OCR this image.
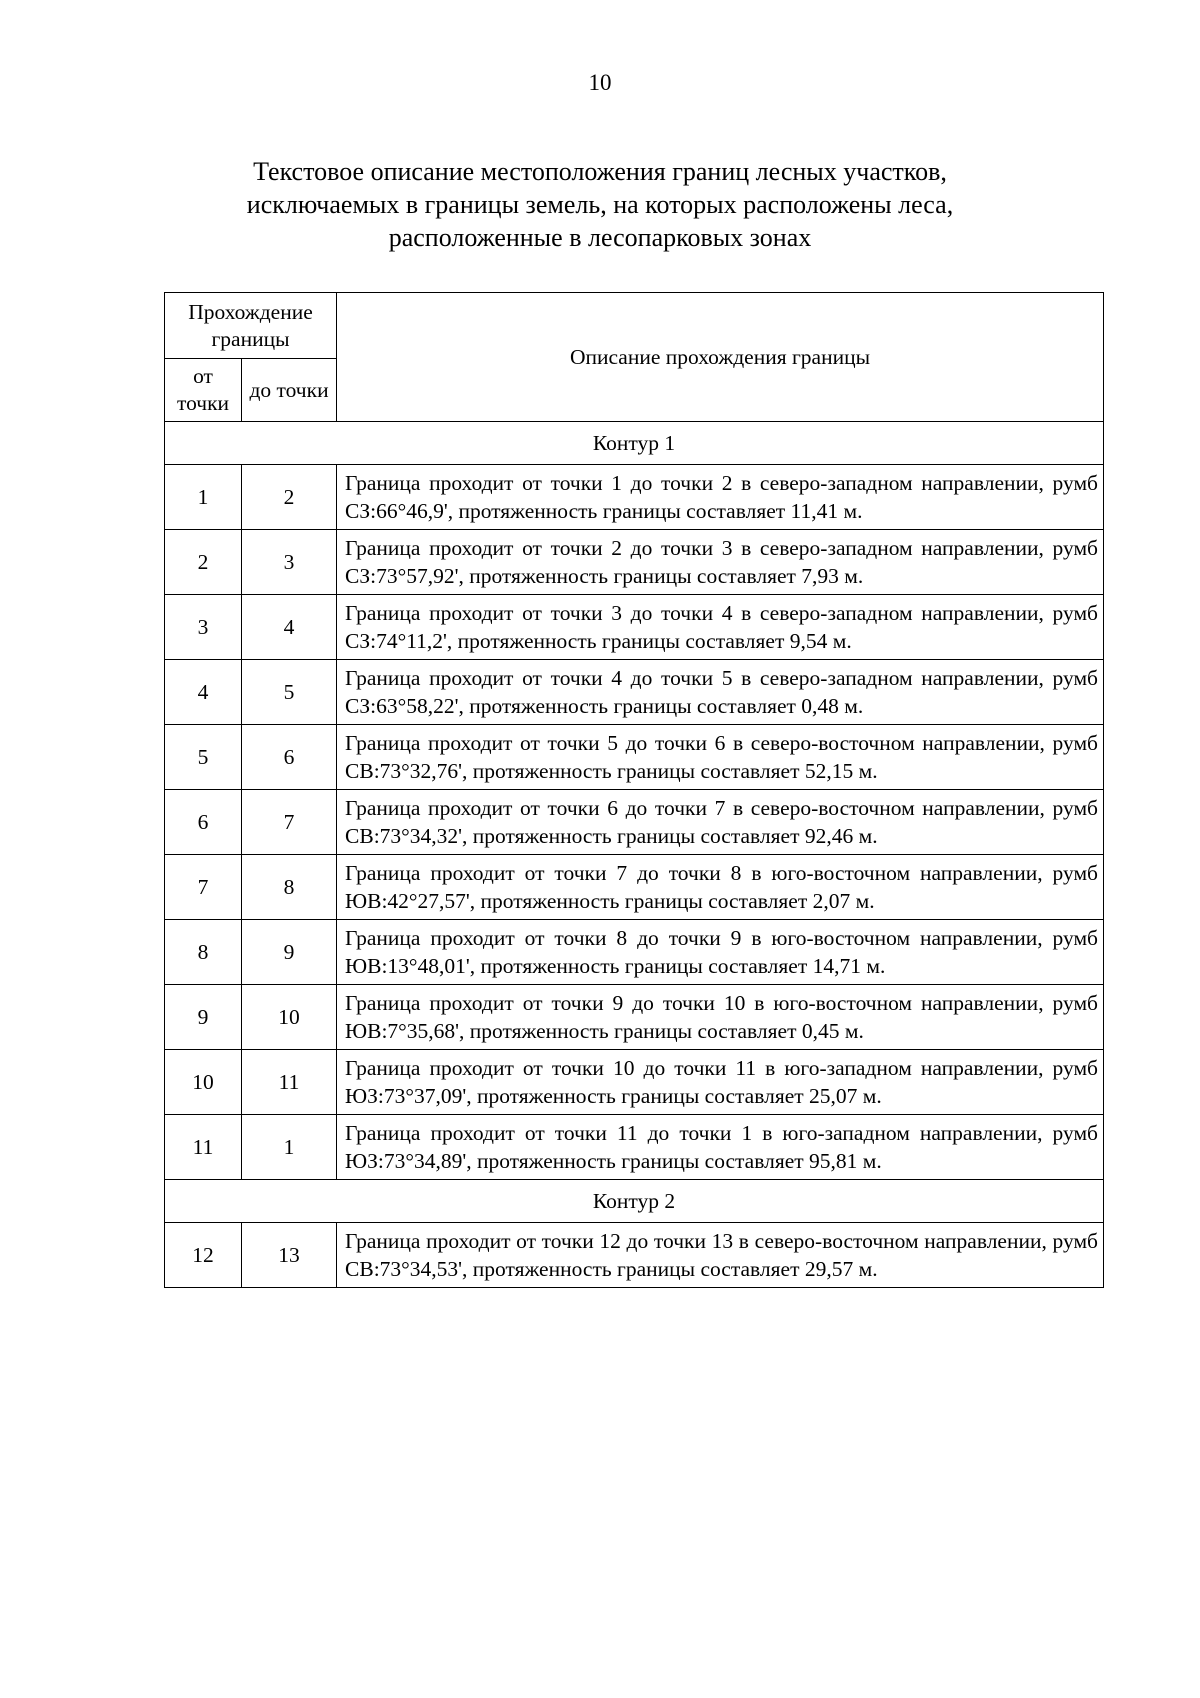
10
Текстовое описание местоположения границ лесных участков,
исключаемых в границы земель, на которых расположены леса,
расположенные в лесопарковых зонах
Прохождение границы		Описание прохождения границы
от точки	до точки	
Контур 1		
1	2	Граница проходит от точки 1 до точки 2 в северо-западном направлении, румб СЗ:66°46,9', протяженность границы составляет 11,41 м.
2	3	Граница проходит от точки 2 до точки 3 в северо-западном направлении, румб СЗ:73°57,92', протяженность границы составляет 7,93 м.
3	4	Граница проходит от точки 3 до точки 4 в северо-западном направлении, румб СЗ:74°11,2', протяженность границы составляет 9,54 м.
4	5	Граница проходит от точки 4 до точки 5 в северо-западном направлении, румб СЗ:63°58,22', протяженность границы составляет 0,48 м.
5	6	Граница проходит от точки 5 до точки 6 в северо-восточном направлении, румб СВ:73°32,76', протяженность границы составляет 52,15 м.
6	7	Граница проходит от точки 6 до точки 7 в северо-восточном направлении, румб СВ:73°34,32', протяженность границы составляет 92,46 м.
7	8	Граница проходит от точки 7 до точки 8 в юго-восточном направлении, румб ЮВ:42°27,57', протяженность границы составляет 2,07 м.
8	9	Граница проходит от точки 8 до точки 9 в юго-восточном направлении, румб ЮВ:13°48,01', протяженность границы составляет 14,71 м.
9	10	Граница проходит от точки 9 до точки 10 в юго-восточном направлении, румб ЮВ:7°35,68', протяженность границы составляет 0,45 м.
10	11	Граница проходит от точки 10 до точки 11 в юго-западном направлении, румб ЮЗ:73°37,09', протяженность границы составляет 25,07 м.
11	1	Граница проходит от точки 11 до точки 1 в юго-западном направлении, румб ЮЗ:73°34,89', протяженность границы составляет 95,81 м.
Контур 2		
12	13	Граница проходит от точки 12 до точки 13 в северо-восточном направлении, румб СВ:73°34,53', протяженность границы составляет 29,57 м.
